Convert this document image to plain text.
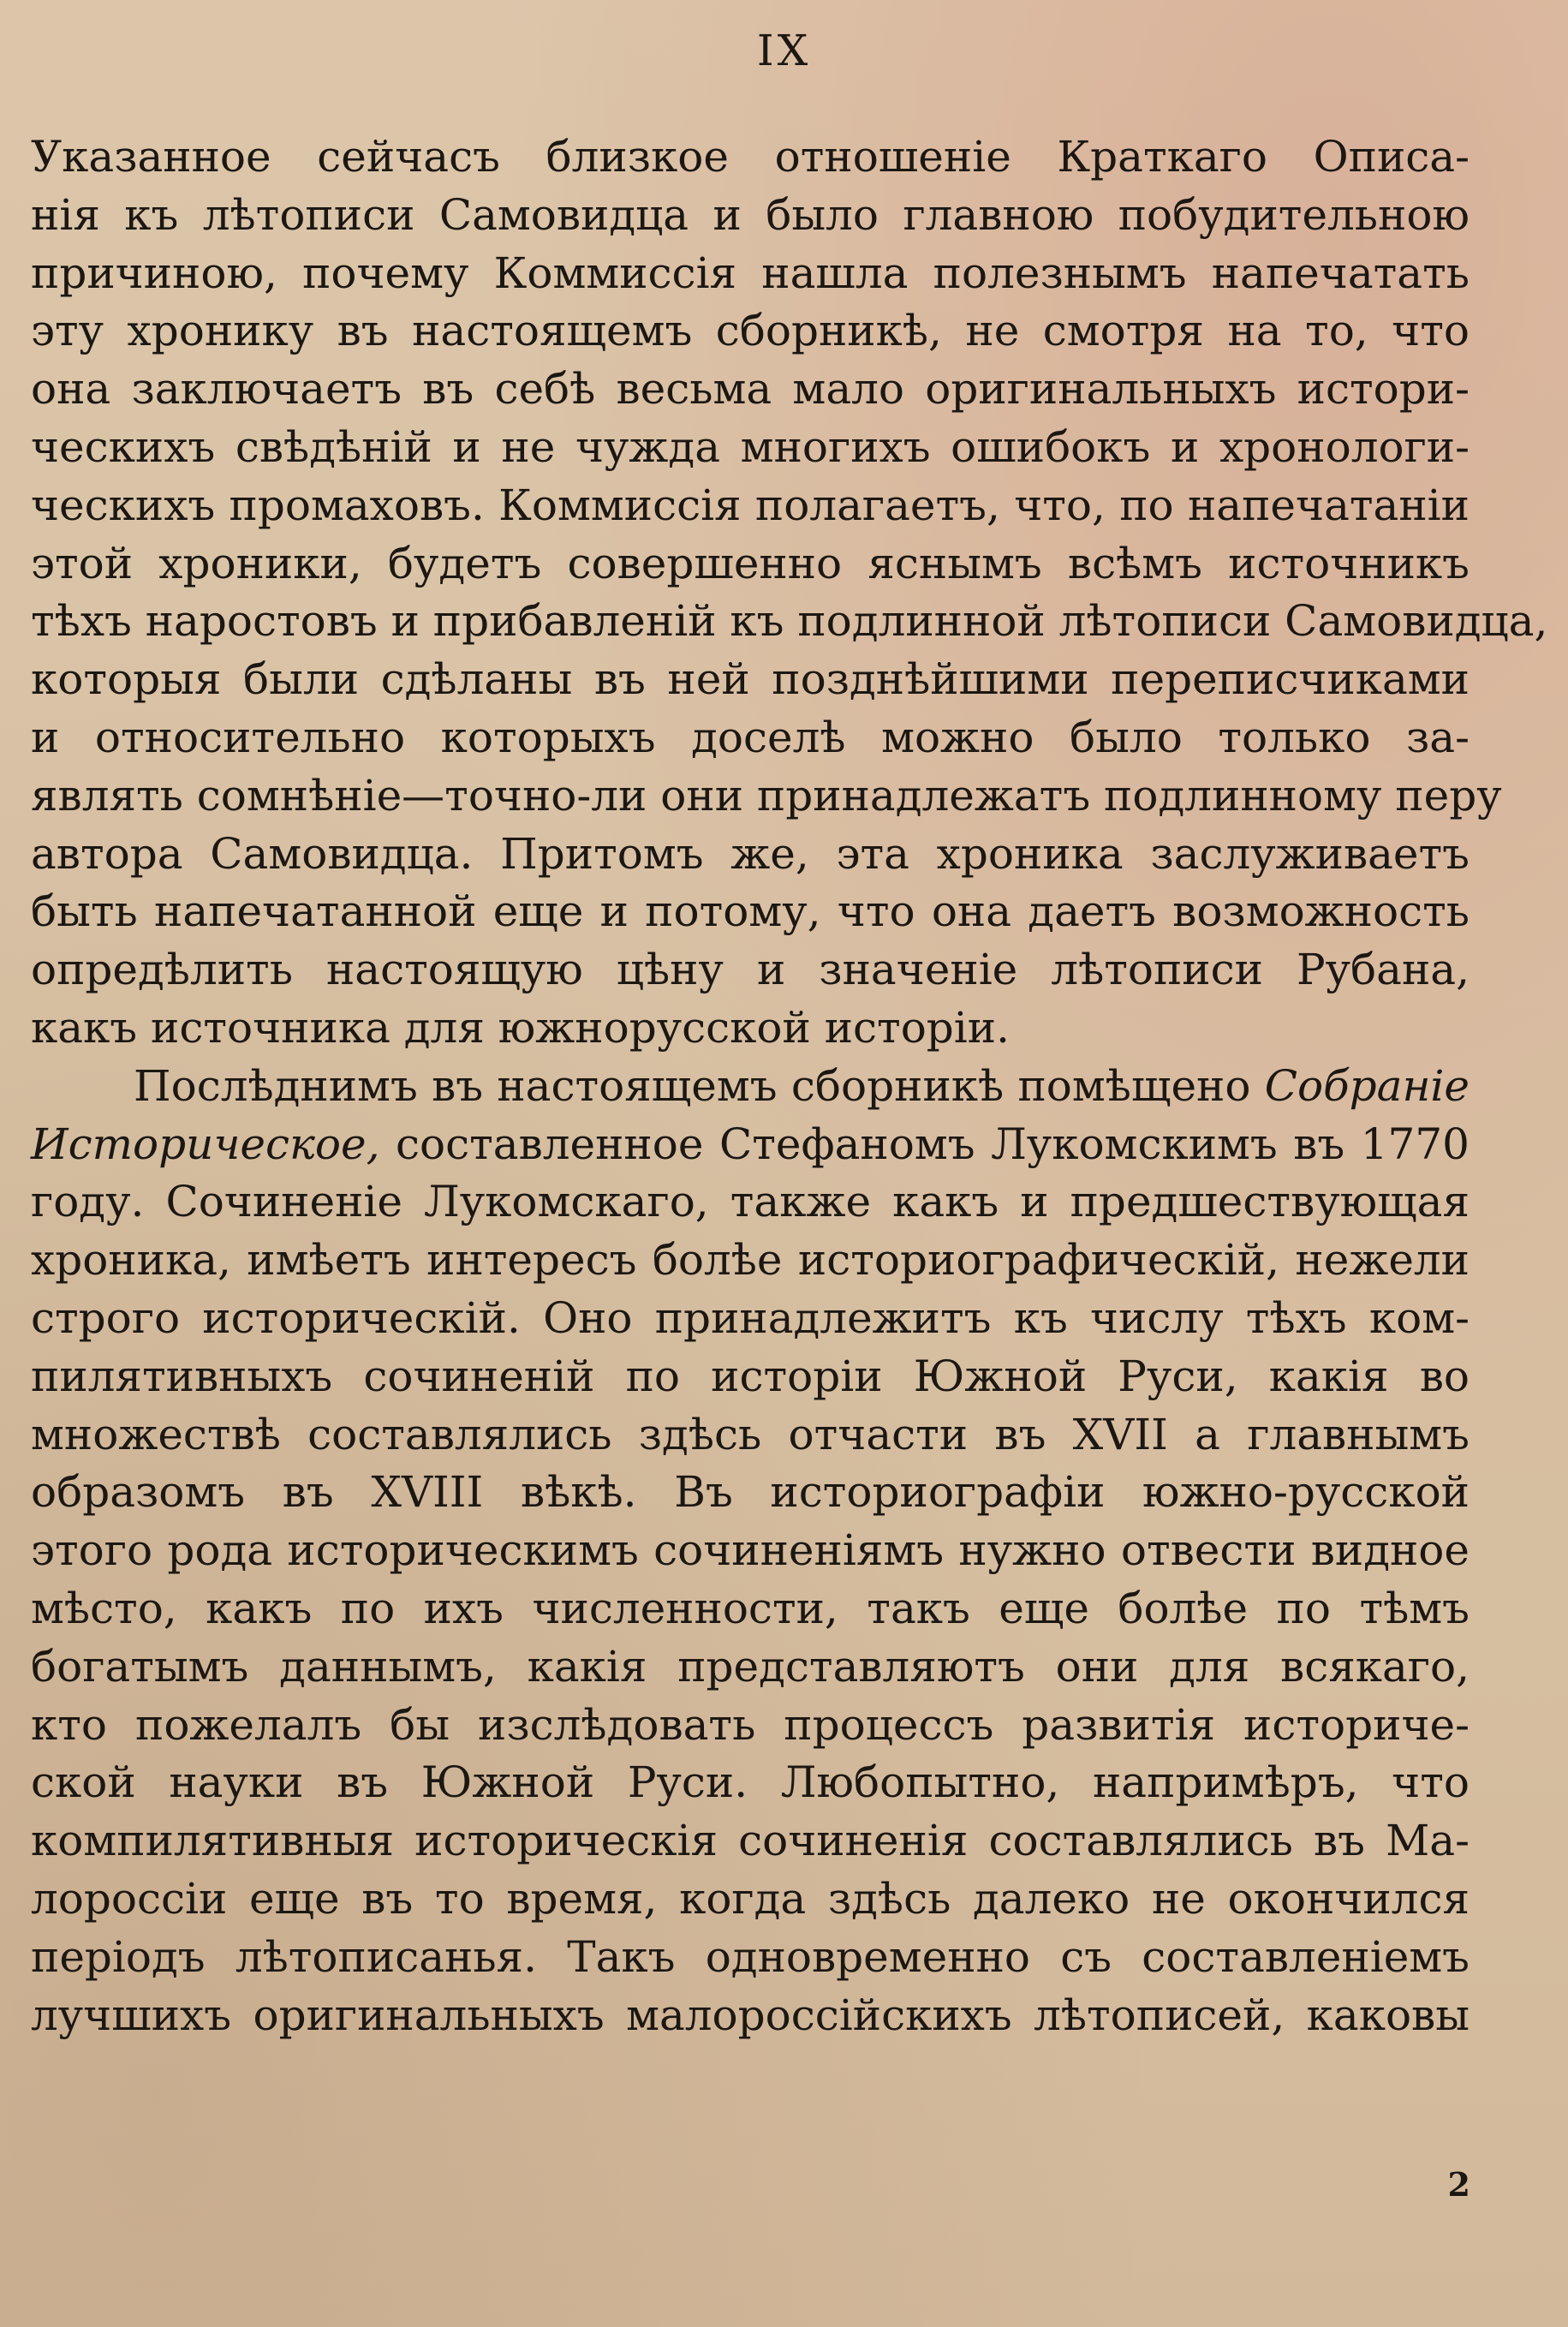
IX
Указанное сейчасъ близкое отношеніе Краткаго Описа-
нія къ лѣтописи Самовидца и было главною побудительною
причиною, почему Коммиссія нашла полезнымъ напечатать
эту хронику въ настоящемъ сборникѣ, не смотря на то, что
она заключаетъ въ себѣ весьма мало оригинальныхъ истори-
ческихъ свѣдѣній и не чужда многихъ ошибокъ и хронологи-
ческихъ промаховъ. Коммиссія полагаетъ, что, по напечатаніи
этой хроники, будетъ совершенно яснымъ всѣмъ источникъ
тѣхъ наростовъ и прибавленій къ подлинной лѣтописи Самовидца,
которыя были сдѣланы въ ней позднѣйшими переписчиками
и относительно которыхъ доселѣ можно было только за-
являть сомнѣніе—точно-ли они принадлежатъ подлинному перу
автора Самовидца. Притомъ же, эта хроника заслуживаетъ
быть напечатанной еще и потому, что она даетъ возможность
опредѣлить настоящую цѣну и значеніе лѣтописи Рубана,
какъ источника для южнорусской исторіи.
Послѣднимъ въ настоящемъ сборникѣ помѣщено Собраніе
Историческое, составленное Стефаномъ Лукомскимъ въ 1770
году. Сочиненіе Лукомскаго, также какъ и предшествующая
хроника, имѣетъ интересъ болѣе историографическій, нежели
строго историческій. Оно принадлежитъ къ числу тѣхъ ком-
пилятивныхъ сочиненій по исторіи Южной Руси, какія во
множествѣ составлялись здѣсь отчасти въ XVII а главнымъ
образомъ въ XVIII вѣкѣ. Въ историографіи южно-русской
этого рода историческимъ сочиненіямъ нужно отвести видное
мѣсто, какъ по ихъ численности, такъ еще болѣе по тѣмъ
богатымъ даннымъ, какія представляютъ они для всякаго,
кто пожелалъ бы изслѣдовать процессъ развитія историче-
ской науки въ Южной Руси. Любопытно, напримѣръ, что
компилятивныя историческія сочиненія составлялись въ Ма-
лороссіи еще въ то время, когда здѣсь далеко не окончился
періодъ лѣтописанья. Такъ одновременно съ составленіемъ
лучшихъ оригинальныхъ малороссійскихъ лѣтописей, каковы
2
